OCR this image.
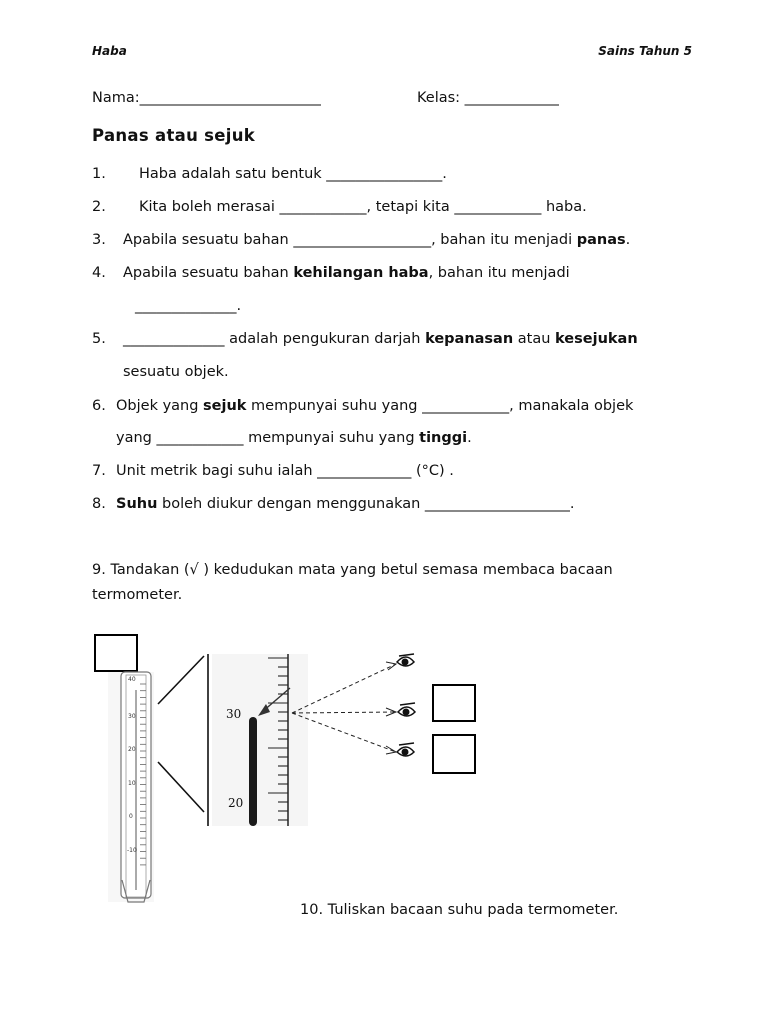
Haba	Sains Tahun 5
Nama:_________________________	Kelas: _____________
Panas atau sejuk
1. Haba adalah satu bentuk ________________.
2. Kita boleh merasai ____________, tetapi kita ____________ haba.
3. Apabila sesuatu bahan ___________________, bahan itu menjadi panas.
4. Apabila sesuatu bahan kehilangan haba, bahan itu menjadi
______________.
5. ______________ adalah pengukuran darjah kepanasan atau kesejukan
sesuatu objek.
6. Objek yang sejuk mempunyai suhu yang ____________, manakala objek
yang ____________ mempunyai suhu yang tinggi.
7. Unit metrik bagi suhu ialah _____________ (°C) .
8. Suhu boleh diukur dengan menggunakan ____________________.
9. Tandakan (√ ) kedudukan mata yang betul semasa membaca bacaan
termometer.
40
30
20
10
0
-10
30
20
10. Tuliskan bacaan suhu pada termometer.
